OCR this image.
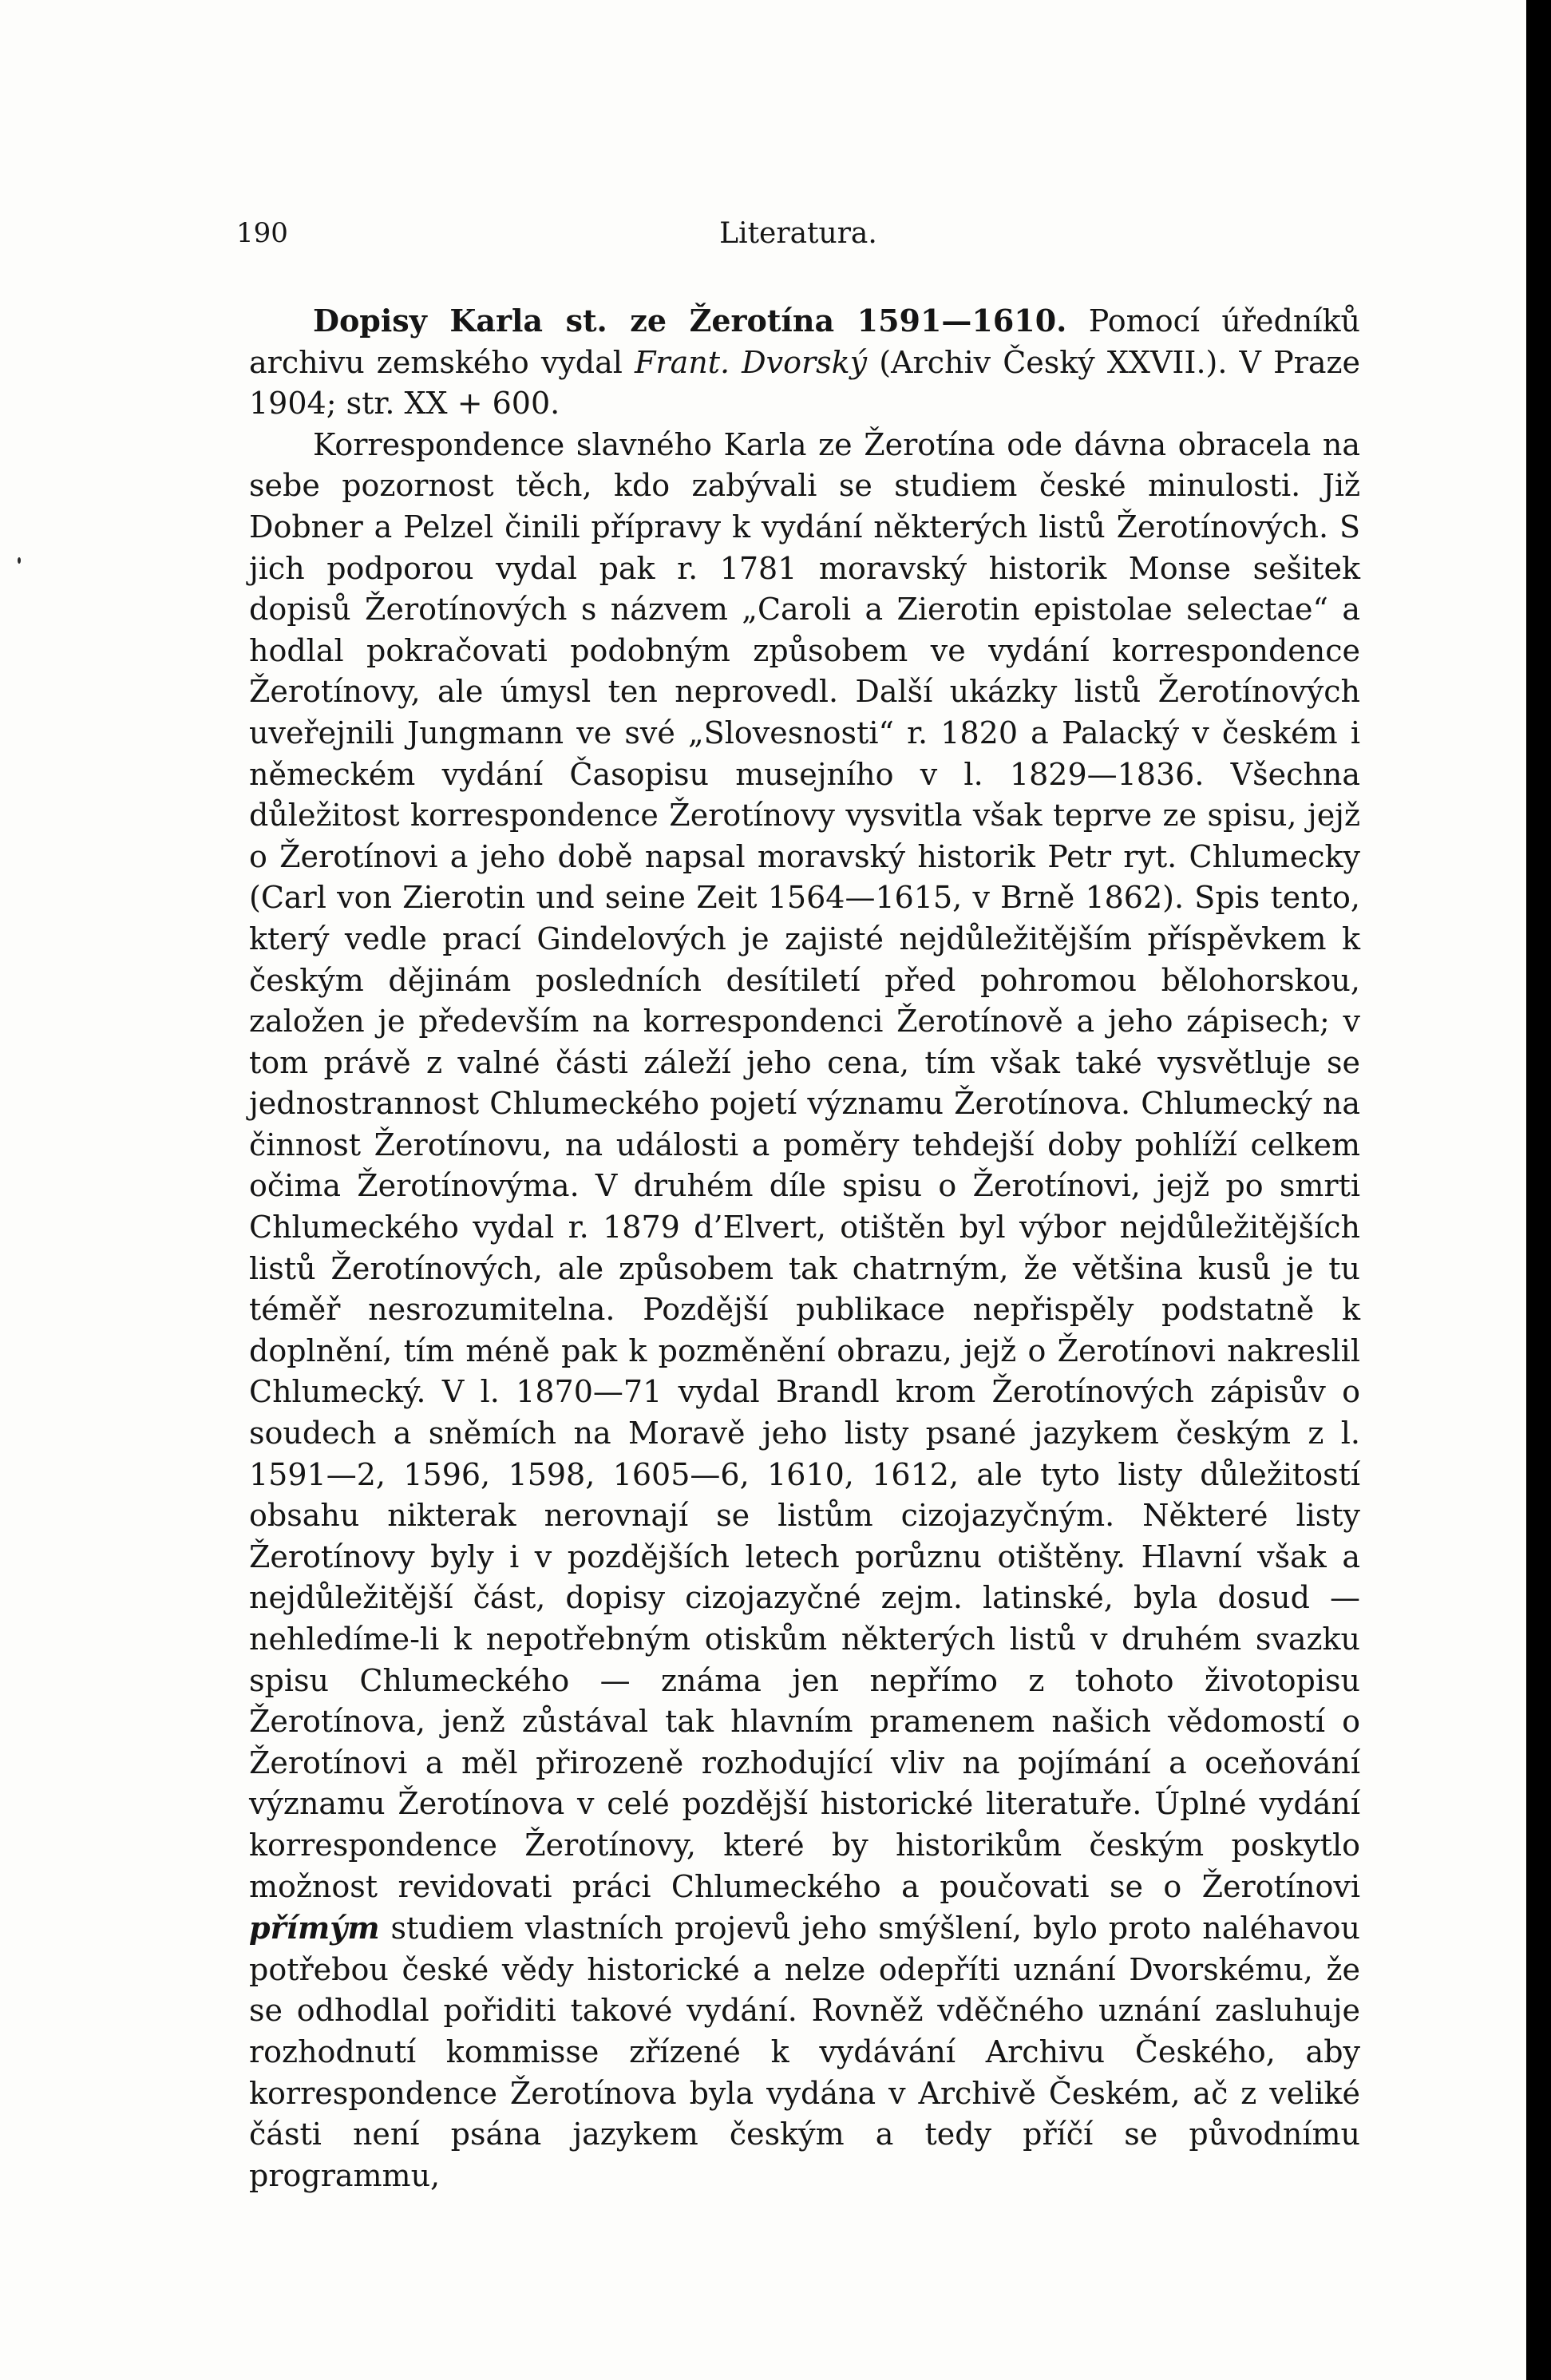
190	Literatura.

Dopisy Karla st. ze Žerotína 1591—1610. Pomocí úředníků archivu zemského vydal Frant. Dvorský (Archiv Český XXVII.). V Praze 1904; str. XX + 600.

Korrespondence slavného Karla ze Žerotína ode dávna obracela na sebe pozornost těch, kdo zabývali se studiem české minulosti. Již Dobner a Pelzel činili přípravy k vydání některých listů Žerotínových. S jich podporou vydal pak r. 1781 moravský historik Monse sešitek dopisů Žerotínových s názvem „Caroli a Zierotin epistolae selectae“ a hodlal pokračovati podobným způsobem ve vydání korrespondence Žerotínovy, ale úmysl ten neprovedl. Další ukázky listů Žerotínových uveřejnili Jungmann ve své „Slovesnosti“ r. 1820 a Palacký v českém i německém vydání Časopisu musejního v l. 1829—1836. Všechna důležitost korrespondence Žerotínovy vysvitla však teprve ze spisu, jejž o Žerotínovi a jeho době napsal moravský historik Petr ryt. Chlumecky (Carl von Zierotin und seine Zeit 1564—1615, v Brně 1862). Spis tento, který vedle prací Gindelových je zajisté nejdůležitějším příspěvkem k českým dějinám posledních desítiletí před pohromou bělohorskou, založen je především na korrespondenci Žerotínově a jeho zápisech; v tom právě z valné části záleží jeho cena, tím však také vysvětluje se jednostrannost Chlumeckého pojetí významu Žerotínova. Chlumecký na činnost Žerotínovu, na události a poměry tehdejší doby pohlíží celkem očima Žerotínovýma. V druhém díle spisu o Žerotínovi, jejž po smrti Chlumeckého vydal r. 1879 d’Elvert, otištěn byl výbor nejdůležitějších listů Žerotínových, ale způsobem tak chatrným, že většina kusů je tu téměř nesrozumitelna. Pozdější publikace nepřispěly podstatně k doplnění, tím méně pak k pozměnění obrazu, jejž o Žerotínovi nakreslil Chlumecký. V l. 1870—71 vydal Brandl krom Žerotínových zápisův o soudech a sněmích na Moravě jeho listy psané jazykem českým z l. 1591—2, 1596, 1598, 1605—6, 1610, 1612, ale tyto listy důležitostí obsahu nikterak nerovnají se listům cizojazyčným. Některé listy Žerotínovy byly i v pozdějších letech porůznu otištěny. Hlavní však a nejdůležitější část, dopisy cizojazyčné zejm. latinské, byla dosud — nehledíme-li k nepotřebným otiskům některých listů v druhém svazku spisu Chlumeckého — známa jen nepřímo z tohoto životopisu Žerotínova, jenž zůstával tak hlavním pramenem našich vědomostí o Žerotínovi a měl přirozeně rozhodující vliv na pojímání a oceňování významu Žerotínova v celé pozdější historické literatuře. Úplné vydání korrespondence Žerotínovy, které by historikům českým poskytlo možnost revidovati práci Chlumeckého a poučovati se o Žerotínovi přímým studiem vlastních projevů jeho smýšlení, bylo proto naléhavou potřebou české vědy historické a nelze odepříti uznání Dvorskému, že se odhodlal pořiditi takové vydání. Rovněž vděčného uznání zasluhuje rozhodnutí kommisse zřízené k vydávání Archivu Českého, aby korrespondence Žerotínova byla vydána v Archivě Českém, ač z veliké části není psána jazykem českým a tedy příčí se původnímu programmu,
